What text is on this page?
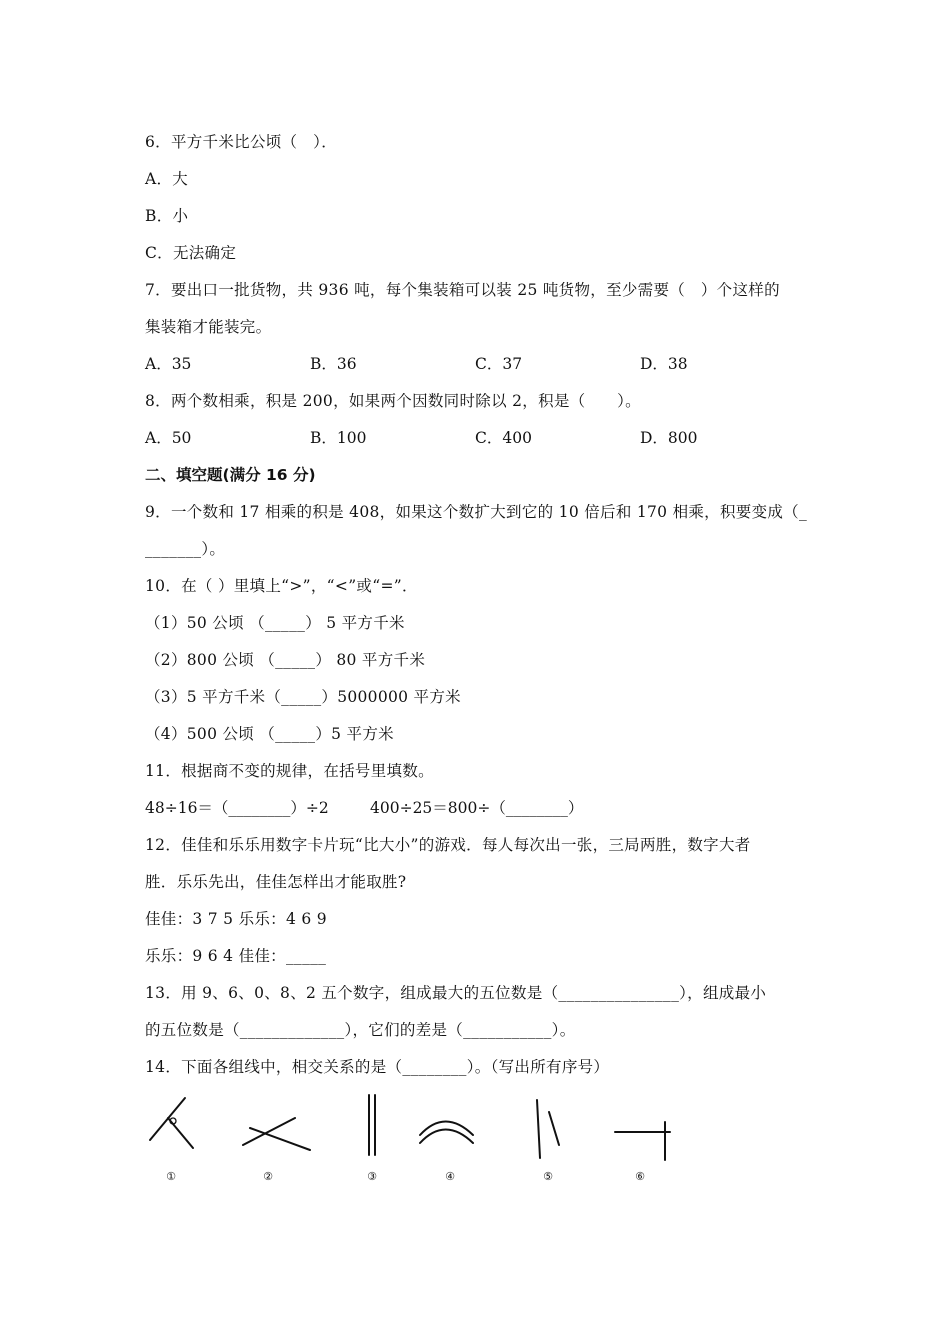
6．平方千米比公顷（　）．
A．大
B．小
C．无法确定
7．要出口一批货物，共 936 吨，每个集装箱可以装 25 吨货物，至少需要（　）个这样的
集装箱才能装完。
A．35	B．36	C．37	D．38
8．两个数相乘，积是 200，如果两个因数同时除以 2，积是（　　）。
A．50	B．100	C．400	D．800
二、填空题(满分 16 分)
9．一个数和 17 相乘的积是 408，如果这个数扩大到它的 10 倍后和 170 相乘，积要变成（_
_______）。
10．在（ ）里填上“>”，“<”或“=”．
（1）50 公顷 （_____） 5 平方千米
（2）800 公顷 （_____） 80 平方千米
（3）5 平方千米（_____）5000000 平方米
（4）500 公顷 （_____）5 平方米
11．根据商不变的规律，在括号里填数。
48÷16＝（________）÷2	400÷25＝800÷（________）
12．佳佳和乐乐用数字卡片玩“比大小”的游戏．每人每次出一张，三局两胜，数字大者
胜．乐乐先出，佳佳怎样出才能取胜?
佳佳：3 7 5 乐乐：4 6 9
乐乐：9 6 4 佳佳：_____
13．用 9、6、0、8、2 五个数字，组成最大的五位数是（_______________），组成最小
的五位数是（_____________），它们的差是（___________）。
14．下面各组线中，相交关系的是（________）。（写出所有序号）
①	②	③	④	⑤	⑥
